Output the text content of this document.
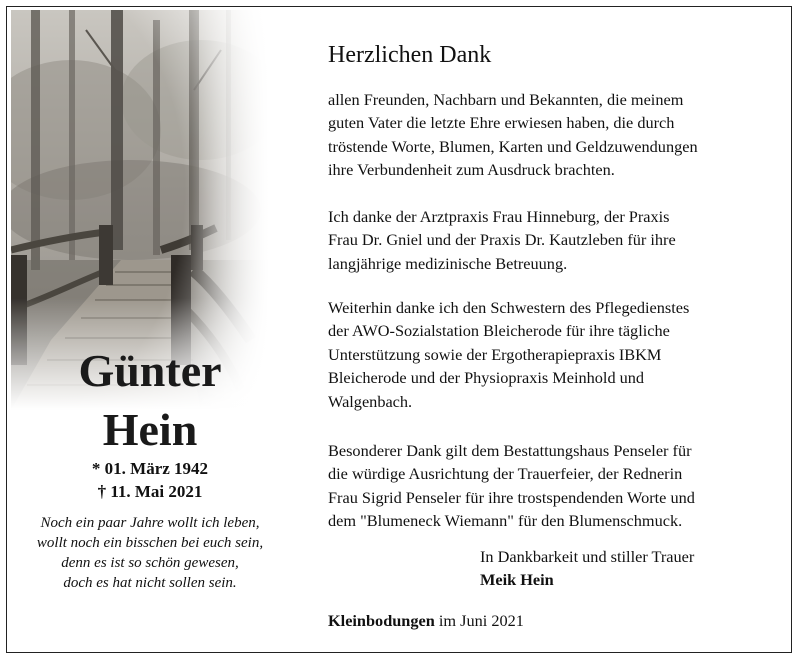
Günter
Hein
* 01. März 1942
† 11. Mai 2021
Noch ein paar Jahre wollt ich leben,
wollt noch ein bisschen bei euch sein,
denn es ist so schön gewesen,
doch es hat nicht sollen sein.
Herzlichen Dank
allen Freunden, Nachbarn und Bekannten, die meinem
guten Vater die letzte Ehre erwiesen haben, die durch
tröstende Worte, Blumen, Karten und Geldzuwendungen
ihre Verbundenheit zum Ausdruck brachten.
Ich danke der Arztpraxis Frau Hinneburg, der Praxis
Frau Dr. Gniel und der Praxis Dr. Kautzleben für ihre
langjährige medizinische Betreuung.
Weiterhin danke ich den Schwestern des Pflegedienstes
der AWO-Sozialstation Bleicherode für ihre tägliche
Unterstützung sowie der Ergotherapiepraxis IBKM
Bleicherode und der Physiopraxis Meinhold und
Walgenbach.
Besonderer Dank gilt dem Bestattungshaus Penseler für
die würdige Ausrichtung der Trauerfeier, der Rednerin
Frau Sigrid Penseler für ihre trostspendenden Worte und
dem "Blumeneck Wiemann" für den Blumenschmuck.
In Dankbarkeit und stiller Trauer
Meik Hein
Kleinbodungen im Juni 2021
